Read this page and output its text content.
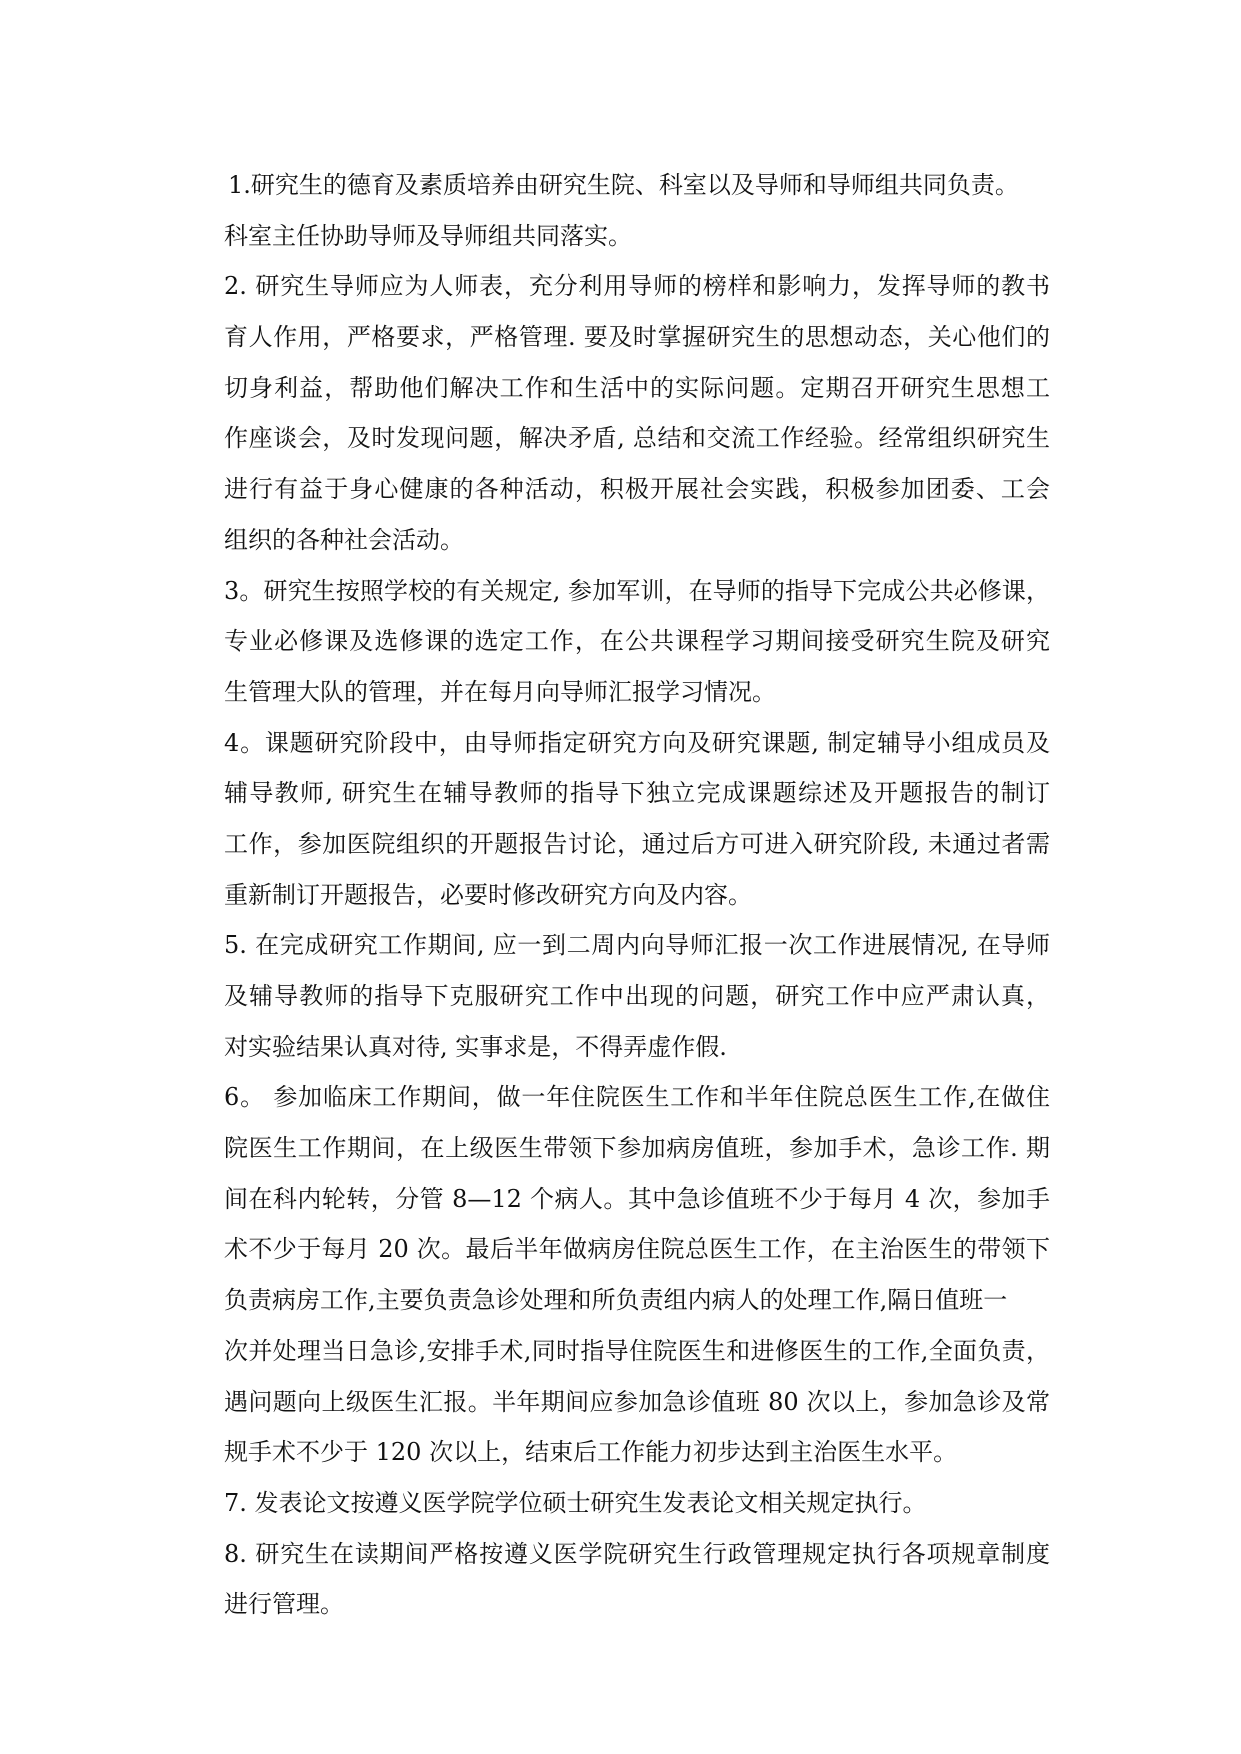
1.研究生的德育及素质培养由研究生院、科室以及导师和导师组共同负责。
科室主任协助导师及导师组共同落实。
2. 研究生导师应为人师表，充分利用导师的榜样和影响力，发挥导师的教书
育人作用，严格要求，严格管理. 要及时掌握研究生的思想动态，关心他们的
切身利益，帮助他们解决工作和生活中的实际问题。定期召开研究生思想工
作座谈会，及时发现问题，解决矛盾, 总结和交流工作经验。经常组织研究生
进行有益于身心健康的各种活动，积极开展社会实践，积极参加团委、工会
组织的各种社会活动。
3。研究生按照学校的有关规定, 参加军训，在导师的指导下完成公共必修课，
专业必修课及选修课的选定工作，在公共课程学习期间接受研究生院及研究
生管理大队的管理，并在每月向导师汇报学习情况。
4。课题研究阶段中，由导师指定研究方向及研究课题, 制定辅导小组成员及
辅导教师, 研究生在辅导教师的指导下独立完成课题综述及开题报告的制订
工作，参加医院组织的开题报告讨论，通过后方可进入研究阶段, 未通过者需
重新制订开题报告，必要时修改研究方向及内容。
5. 在完成研究工作期间, 应一到二周内向导师汇报一次工作进展情况, 在导师
及辅导教师的指导下克服研究工作中出现的问题，研究工作中应严肃认真，
对实验结果认真对待, 实事求是，不得弄虚作假.
6。 参加临床工作期间，做一年住院医生工作和半年住院总医生工作,在做住
院医生工作期间，在上级医生带领下参加病房值班，参加手术，急诊工作. 期
间在科内轮转，分管 8—12 个病人。其中急诊值班不少于每月 4 次，参加手
术不少于每月 20 次。最后半年做病房住院总医生工作，在主治医生的带领下
负责病房工作,主要负责急诊处理和所负责组内病人的处理工作,隔日值班一
次并处理当日急诊,安排手术,同时指导住院医生和进修医生的工作,全面负责，
遇问题向上级医生汇报。半年期间应参加急诊值班 80 次以上，参加急诊及常
规手术不少于 120 次以上，结束后工作能力初步达到主治医生水平。
7. 发表论文按遵义医学院学位硕士研究生发表论文相关规定执行。
8. 研究生在读期间严格按遵义医学院研究生行政管理规定执行各项规章制度
进行管理。
